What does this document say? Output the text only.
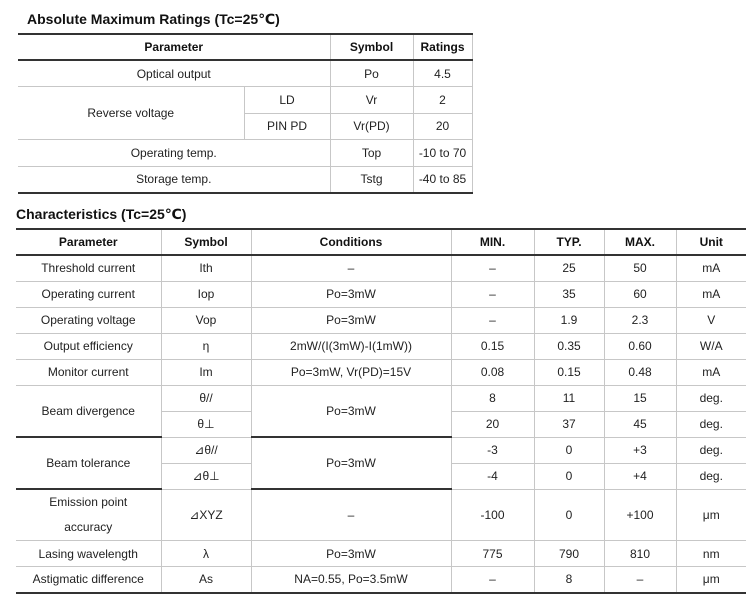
Absolute Maximum Ratings (Tc=25℃)
Parameter		Symbol	Ratings	
Optical output		Po	4.5	
Reverse voltage	LD	Vr	2	
	PIN PD	Vr(PD)	20	
Operating temp.		Top	-10 to 70	
Storage temp.		Tstg	-40 to 85	
Characteristics (Tc=25℃)
Parameter	Symbol	Conditions	MIN.	TYP.	MAX.	Unit
Threshold current	Ith	–	–	25	50	mA
Operating current	Iop	Po=3mW	–	35	60	mA
Operating voltage	Vop	Po=3mW	–	1.9	2.3	V
Output efficiency	η	2mW/(I(3mW)-I(1mW))	0.15	0.35	0.60	W/A
Monitor current	Im	Po=3mW, Vr(PD)=15V	0.08	0.15	0.48	mA
Beam divergence	θ//	Po=3mW	8	11	15	deg.
	θ⊥		20	37	45	deg.
Beam tolerance	⊿θ//	Po=3mW	-3	0	+3	deg.
	⊿θ⊥		-4	0	+4	deg.

Emission point
accuracy	⊿XYZ	–	-100	0	+100	μm
Lasing wavelength	λ	Po=3mW	775	790	810	nm
Astigmatic difference	As	NA=0.55, Po=3.5mW	–	8	–	μm
